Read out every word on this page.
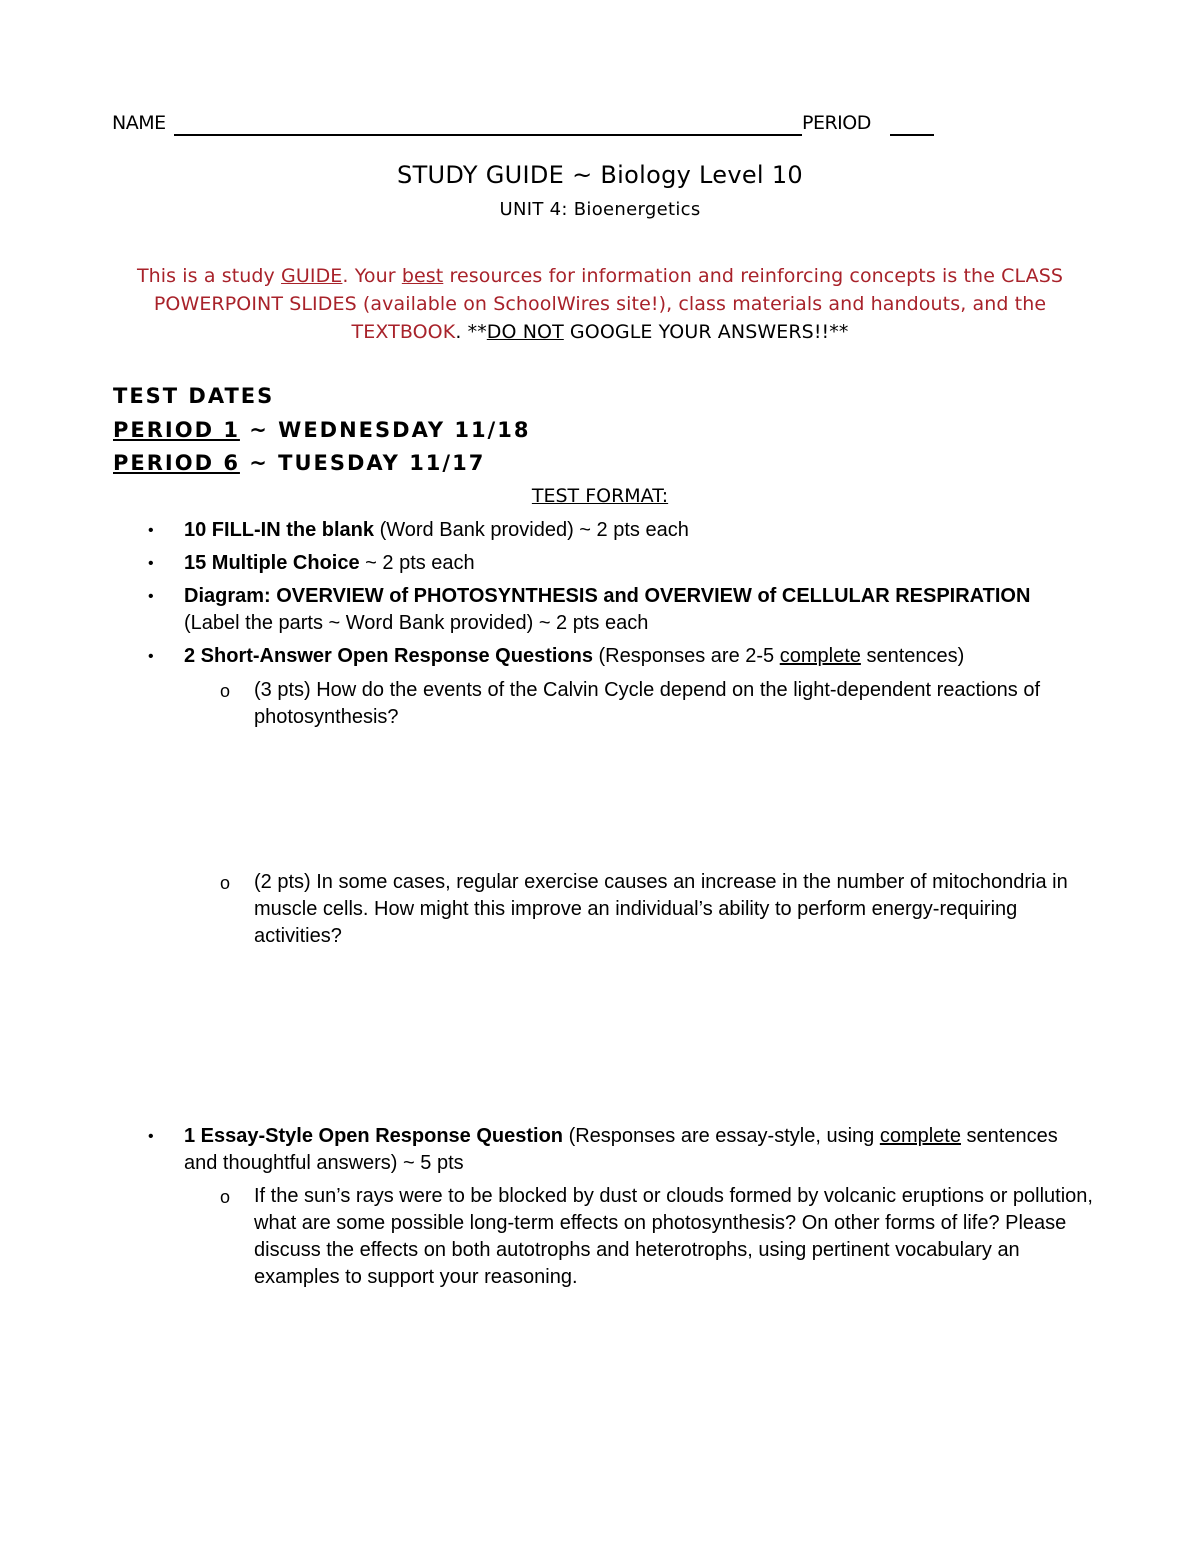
NAME	PERIOD
STUDY GUIDE ~ Biology Level 10
UNIT 4: Bioenergetics
This is a study GUIDE. Your best resources for information and reinforcing concepts is the CLASS POWERPOINT SLIDES (available on SchoolWires site!), class materials and handouts, and the TEXTBOOK. **DO NOT GOOGLE YOUR ANSWERS!!**
TEST DATES
PERIOD 1 ~ WEDNESDAY 11/18
PERIOD 6 ~ TUESDAY 11/17
TEST FORMAT:
• 10 FILL-IN the blank (Word Bank provided) ~ 2 pts each
• 15 Multiple Choice ~ 2 pts each
• Diagram: OVERVIEW of PHOTOSYNTHESIS and OVERVIEW of CELLULAR RESPIRATION (Label the parts ~ Word Bank provided) ~ 2 pts each
• 2 Short-Answer Open Response Questions (Responses are 2-5 complete sentences)
o (3 pts) How do the events of the Calvin Cycle depend on the light-dependent reactions of photosynthesis?
o (2 pts) In some cases, regular exercise causes an increase in the number of mitochondria in muscle cells. How might this improve an individual’s ability to perform energy-requiring activities?
• 1 Essay-Style Open Response Question (Responses are essay-style, using complete sentences and thoughtful answers) ~ 5 pts
o If the sun’s rays were to be blocked by dust or clouds formed by volcanic eruptions or pollution, what are some possible long-term effects on photosynthesis? On other forms of life? Please discuss the effects on both autotrophs and heterotrophs, using pertinent vocabulary an examples to support your reasoning.
